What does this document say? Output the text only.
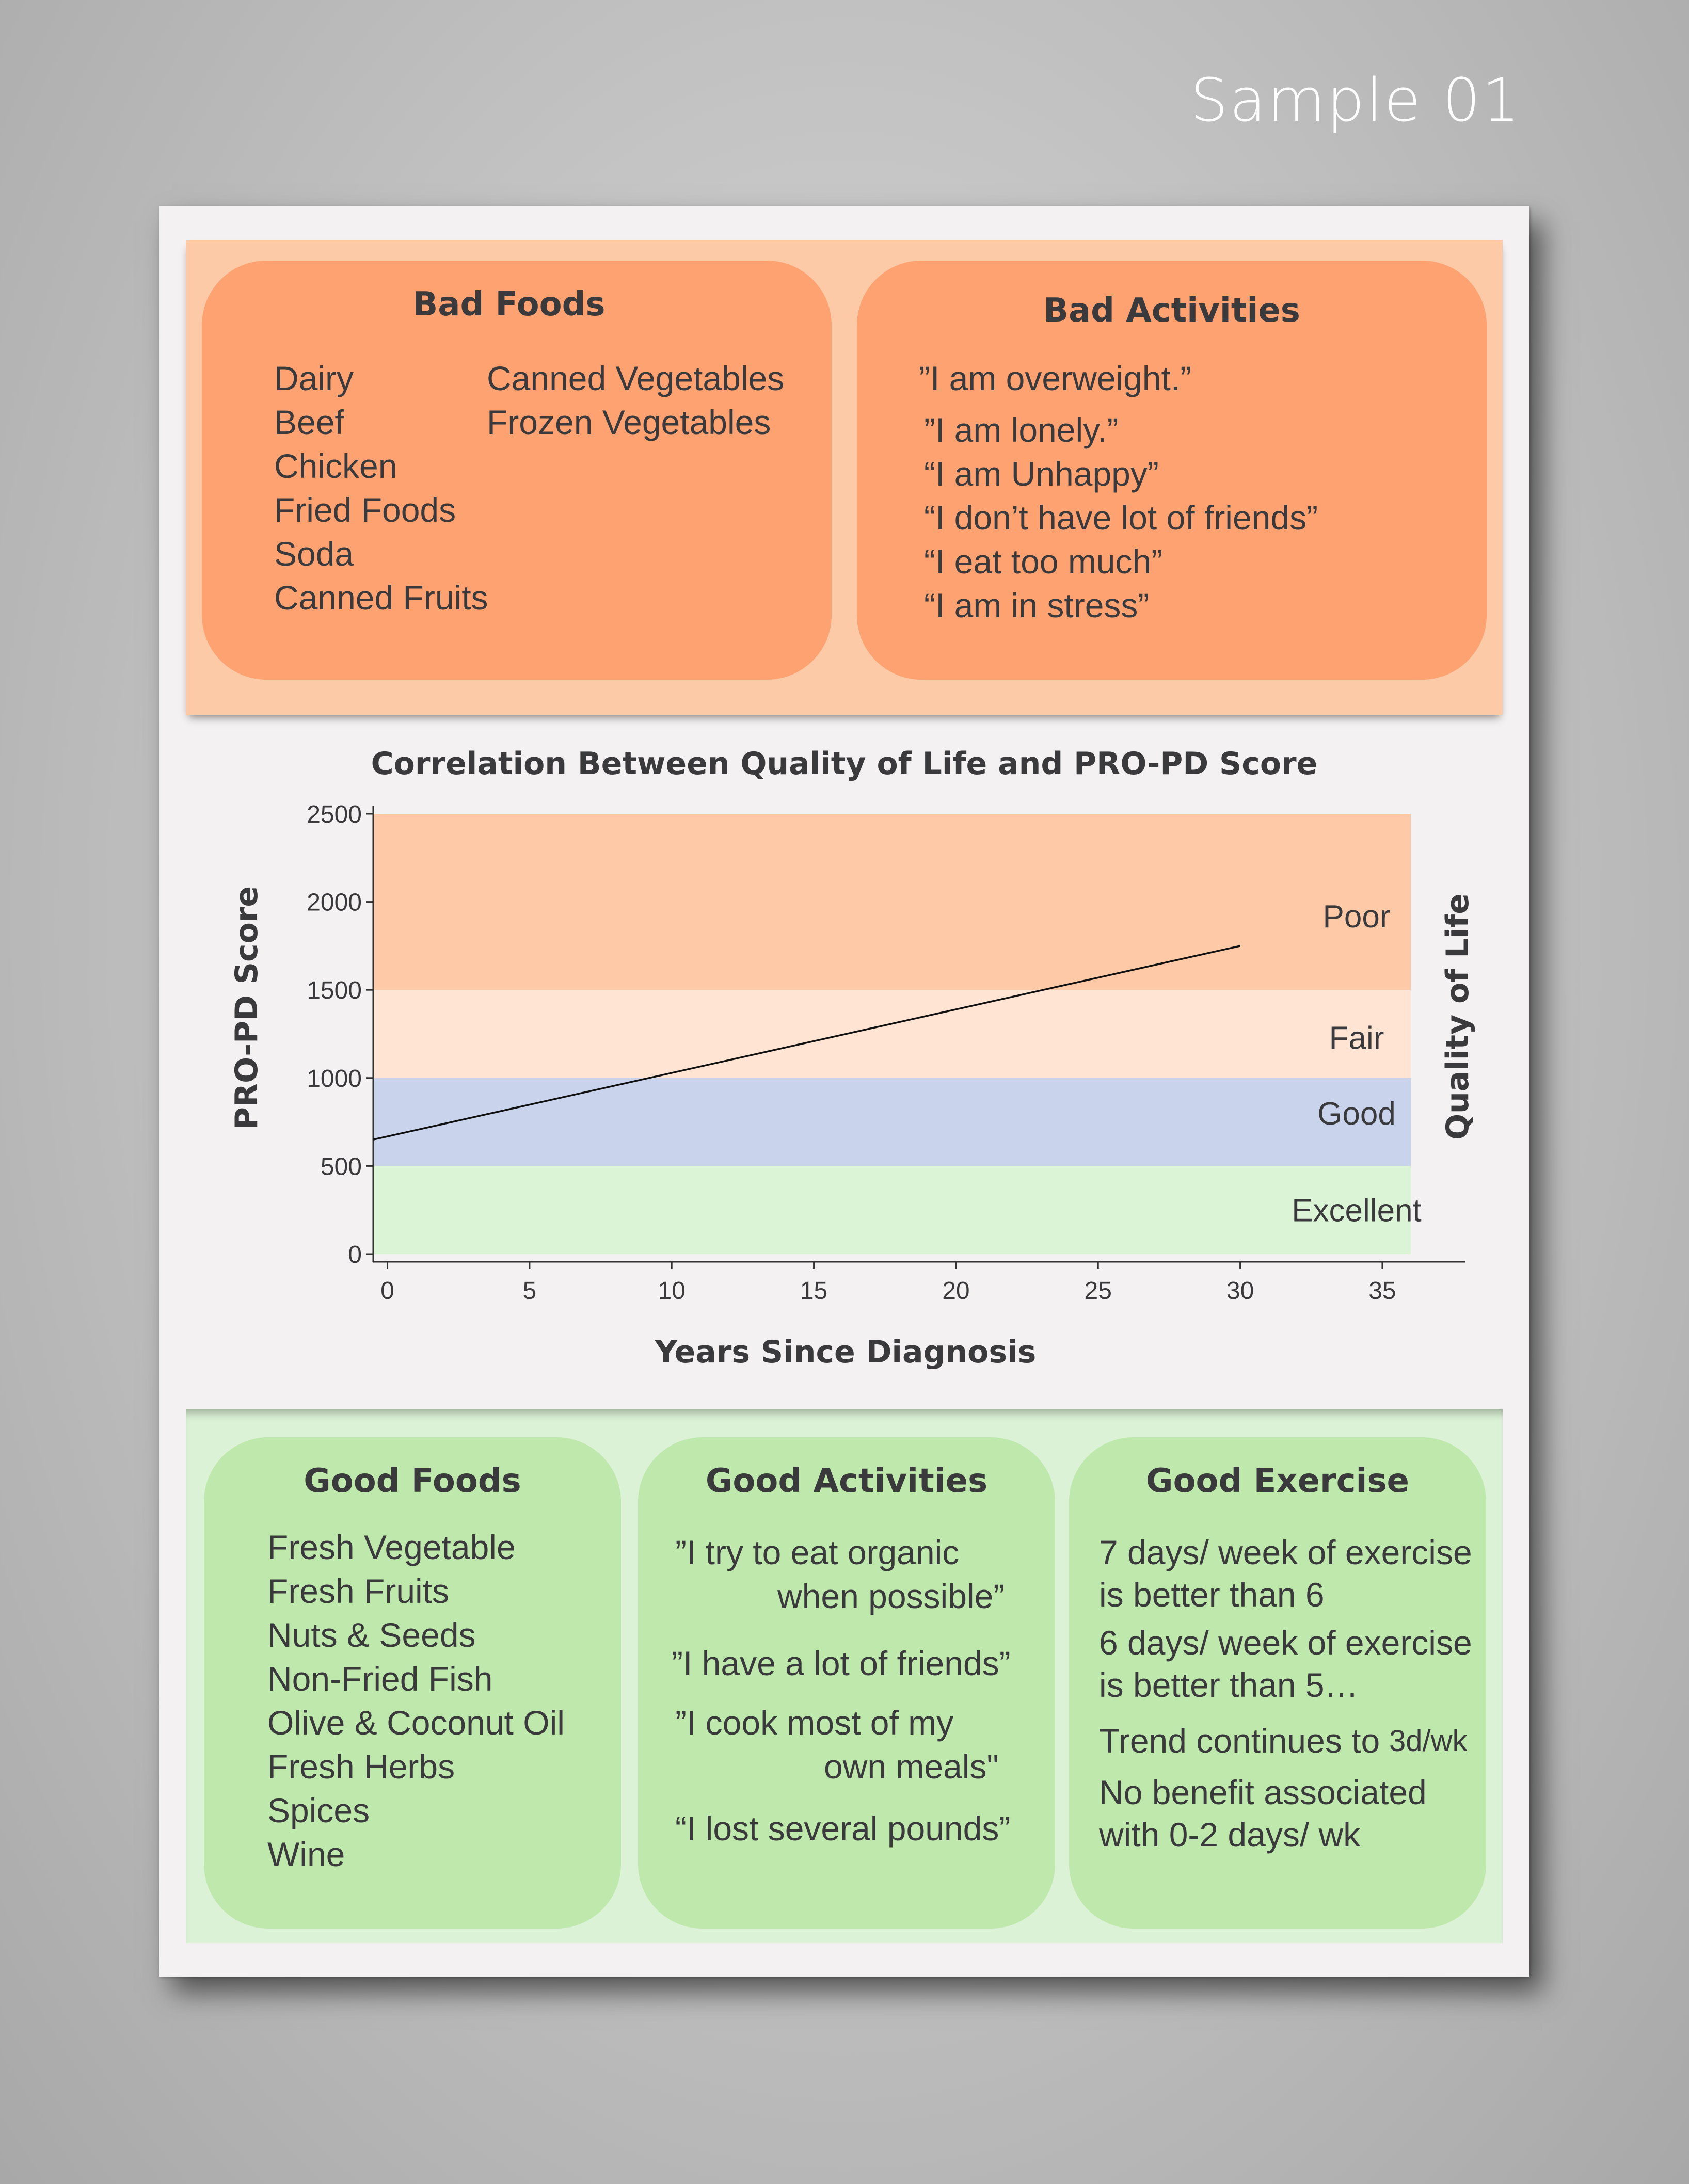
Sample 01
Bad Foods
Dairy
Beef
Chicken
Fried Foods
Soda
Canned Fruits
Canned Vegetables
Frozen Vegetables
Bad Activities
”I am overweight.”
”I am lonely.”
“I am Unhappy”
“I don’t have lot of friends”
“I eat too much”
“I am in stress”
Correlation Between Quality of Life and PRO-PD Score
Excellent
Good
Fair
Poor
0
500
1000
1500
2000
2500
0	5	10	15	20	25	30	35
Years Since Diagnosis
PRO-PD Score	Quality of Life
Good Foods
Fresh Vegetable
Fresh Fruits
Nuts & Seeds
Non-Fried Fish
Olive & Coconut Oil
Fresh Herbs
Spices
Wine
Good Activities
”I try to eat organic
when possible”
”I have a lot of friends”
”I cook most of my
own meals"
“I lost several pounds”
Good Exercise
7 days/ week of exercise
is better than 6
6 days/ week of exercise
is better than 5…
Trend continues to 3d/wk
No benefit associated
with 0-2 days/ wk
